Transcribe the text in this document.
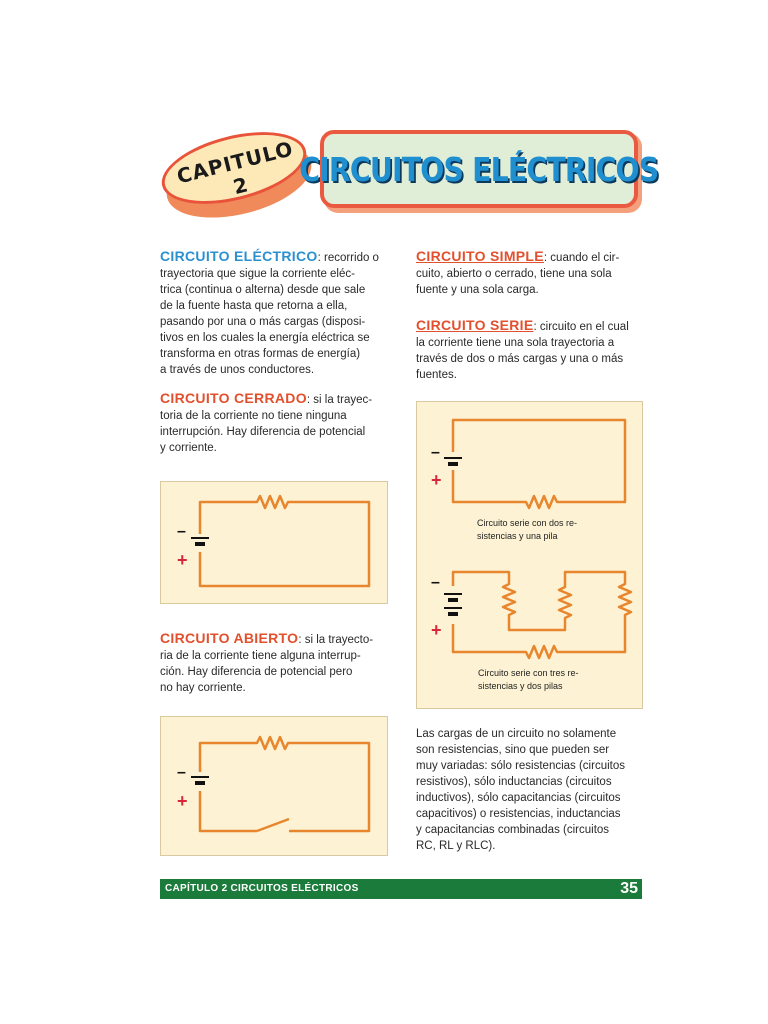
CAPITULO 2	CIRCUITOS ELÉCTRICOS
CIRCUITO ELÉCTRICO: recorrido o
trayectoria que sigue la corriente eléc-
trica (continua o alterna) desde que sale
de la fuente hasta que retorna a ella,
pasando por una o más cargas (disposi-
tivos en los cuales la energía eléctrica se
transforma en otras formas de energía)
a través de unos conductores.
CIRCUITO CERRADO: si la trayec-
toria de la corriente no tiene ninguna
interrupción. Hay diferencia de potencial
y corriente.
–
+
CIRCUITO ABIERTO: si la trayecto-
ria de la corriente tiene alguna interrup-
ción. Hay diferencia de potencial pero
no hay corriente.
–
+
CIRCUITO SIMPLE: cuando el cir-
cuito, abierto o cerrado, tiene una sola
fuente y una sola carga.
CIRCUITO SERIE: circuito en el cual
la corriente tiene una sola trayectoria a
través de dos o más cargas y una o más
fuentes.
–
+
–
+
Circuito serie con dos re-
sistencias y una pila
Circuito serie con tres re-
sistencias y dos pilas
Las cargas de un circuito no solamente
son resistencias, sino que pueden ser
muy variadas: sólo resistencias (circuitos
resistivos), sólo inductancias (circuitos
inductivos), sólo capacitancias (circuitos
capacitivos) o resistencias, inductancias
y capacitancias combinadas (circuitos
RC, RL y RLC).
CAPÍTULO 2 CIRCUITOS ELÉCTRICOS	35
